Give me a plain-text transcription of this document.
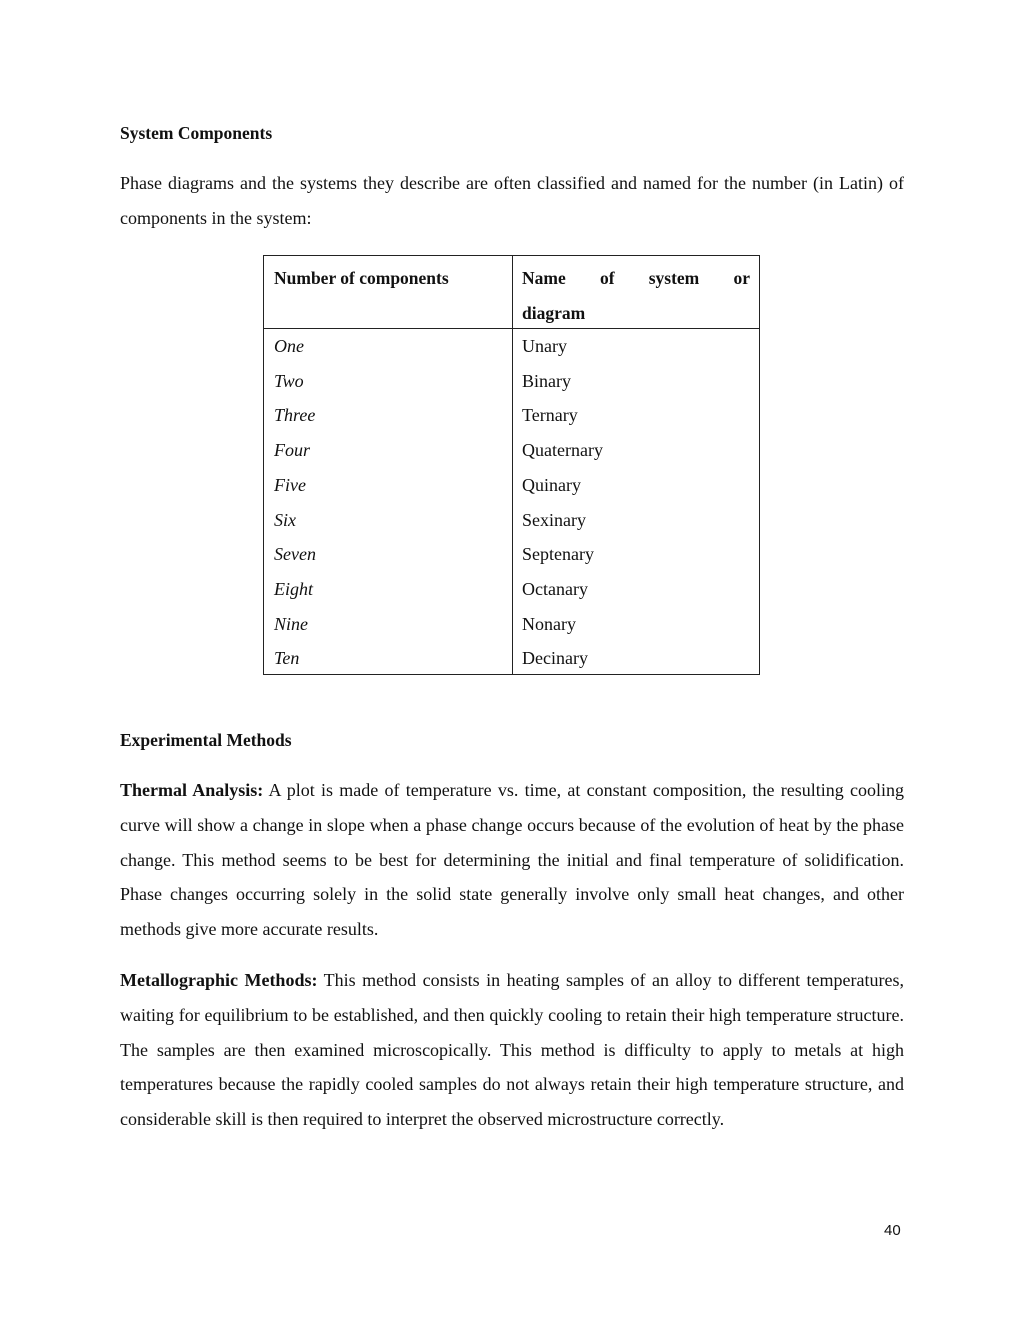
System Components
Phase diagrams and the systems they describe are often classified and named for the number (in Latin) of components in the system:
Number of components	Name of system or
diagram
One
Two
Three
Four
Five
Six
Seven
Eight
Nine
Ten
Unary
Binary
Ternary
Quaternary
Quinary
Sexinary
Septenary
Octanary
Nonary
Decinary
Experimental Methods
Thermal Analysis: A plot is made of temperature vs. time, at constant composition, the resulting cooling curve will show a change in slope when a phase change occurs because of the evolution of heat by the phase change. This method seems to be best for determining the initial and final temperature of solidification. Phase changes occurring solely in the solid state generally involve only small heat changes, and other methods give more accurate results.
Metallographic Methods: This method consists in heating samples of an alloy to different temperatures, waiting for equilibrium to be established, and then quickly cooling to retain their high temperature structure. The samples are then examined microscopically. This method is difficulty to apply to metals at high temperatures because the rapidly cooled samples do not always retain their high temperature structure, and considerable skill is then required to interpret the observed microstructure correctly.
40
